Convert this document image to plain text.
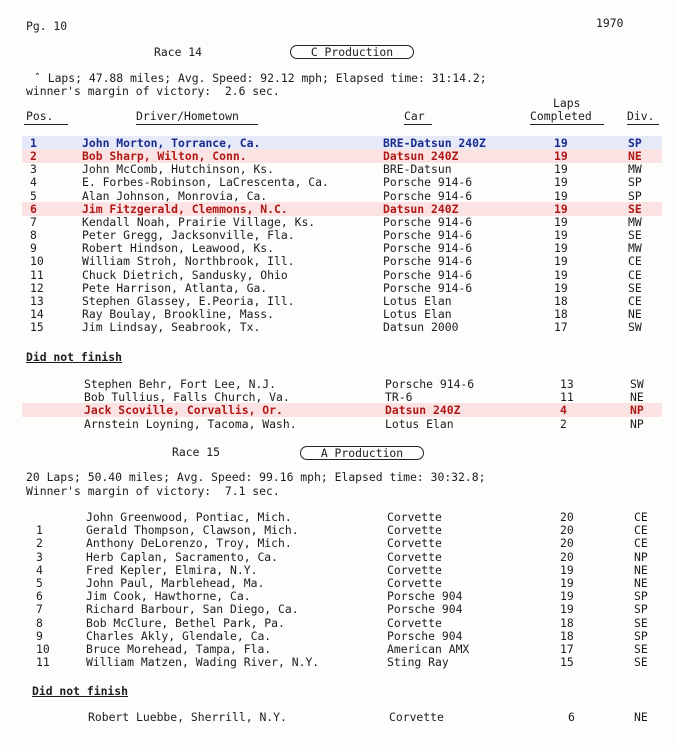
Pg. 10	1970
Race 14	C Production
ˆ Laps; 47.88 miles; Avg. Speed: 92.12 mph; Elapsed time: 31:14.2;
winner's margin of victory:  2.6 sec.
Pos.	Driver/Hometown	Car
Laps
Completed	Div.
1	John Morton, Torrance, Ca.	BRE-Datsun 240Z	19	SP
2	Bob Sharp, Wilton, Conn.	Datsun 240Z	19	NE
3	John McComb, Hutchinson, Ks.	BRE-Datsun	19	MW
4	E. Forbes-Robinson, LaCrescenta, Ca.	Porsche 914-6	19	SP
5	Alan Johnson, Monrovia, Ca.	Porsche 914-6	19	SP
6	Jim Fitzgerald, Clemmons, N.C.	Datsun 240Z	19	SE
7	Kendall Noah, Prairie Village, Ks.	Porsche 914-6	19	MW
8	Peter Gregg, Jacksonville, Fla.	Porsche 914-6	19	SE
9	Robert Hindson, Leawood, Ks.	Porsche 914-6	19	MW
10	William Stroh, Northbrook, Ill.	Porsche 914-6	19	CE
11	Chuck Dietrich, Sandusky, Ohio	Porsche 914-6	19	CE
12	Pete Harrison, Atlanta, Ga.	Porsche 914-6	19	SE
13	Stephen Glassey, E.Peoria, Ill.	Lotus Elan	18	CE
14	Ray Boulay, Brookline, Mass.	Lotus Elan	18	NE
15	Jim Lindsay, Seabrook, Tx.	Datsun 2000	17	SW
Did not finish
Stephen Behr, Fort Lee, N.J.	Porsche 914-6	13	SW
Bob Tullius, Falls Church, Va.	TR-6	11	NE
Jack Scoville, Corvallis, Or.	Datsun 240Z	4	NP
Arnstein Loyning, Tacoma, Wash.	Lotus Elan	2	NP
Race 15	A Production
20 Laps; 50.40 miles; Avg. Speed: 99.16 mph; Elapsed time: 30:32.8;
Winner's margin of victory:  7.1 sec.
John Greenwood, Pontiac, Mich.	Corvette	20	CE
1	Gerald Thompson, Clawson, Mich.	Corvette	20	CE
2	Anthony DeLorenzo, Troy, Mich.	Corvette	20	CE
3	Herb Caplan, Sacramento, Ca.	Corvette	20	NP
4	Fred Kepler, Elmira, N.Y.	Corvette	19	NE
5	John Paul, Marblehead, Ma.	Corvette	19	NE
6	Jim Cook, Hawthorne, Ca.	Porsche 904	19	SP
7	Richard Barbour, San Diego, Ca.	Porsche 904	19	SP
8	Bob McClure, Bethel Park, Pa.	Corvette	18	SE
9	Charles Akly, Glendale, Ca.	Porsche 904	18	SP
10	Bruce Morehead, Tampa, Fla.	American AMX	17	SE
11	William Matzen, Wading River, N.Y.	Sting Ray	15	SE
Did not finish
Robert Luebbe, Sherrill, N.Y.	Corvette	6	NE
